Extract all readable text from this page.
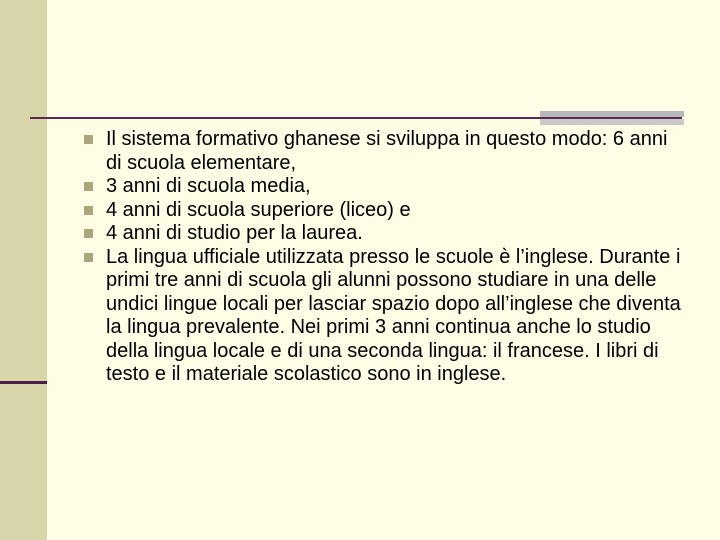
Il sistema formativo ghanese si sviluppa in questo modo: 6 anni di scuola elementare,
3 anni di scuola media,
4 anni di scuola superiore (liceo) e
4 anni di studio per la laurea.
La lingua ufficiale utilizzata presso le scuole è l’inglese. Durante i primi tre anni di scuola gli alunni possono studiare in una delle undici lingue locali per lasciar spazio dopo all’inglese che diventa la lingua prevalente. Nei primi 3 anni continua anche lo studio della lingua locale e di una seconda lingua: il francese. I libri di testo e il materiale scolastico sono in inglese.
